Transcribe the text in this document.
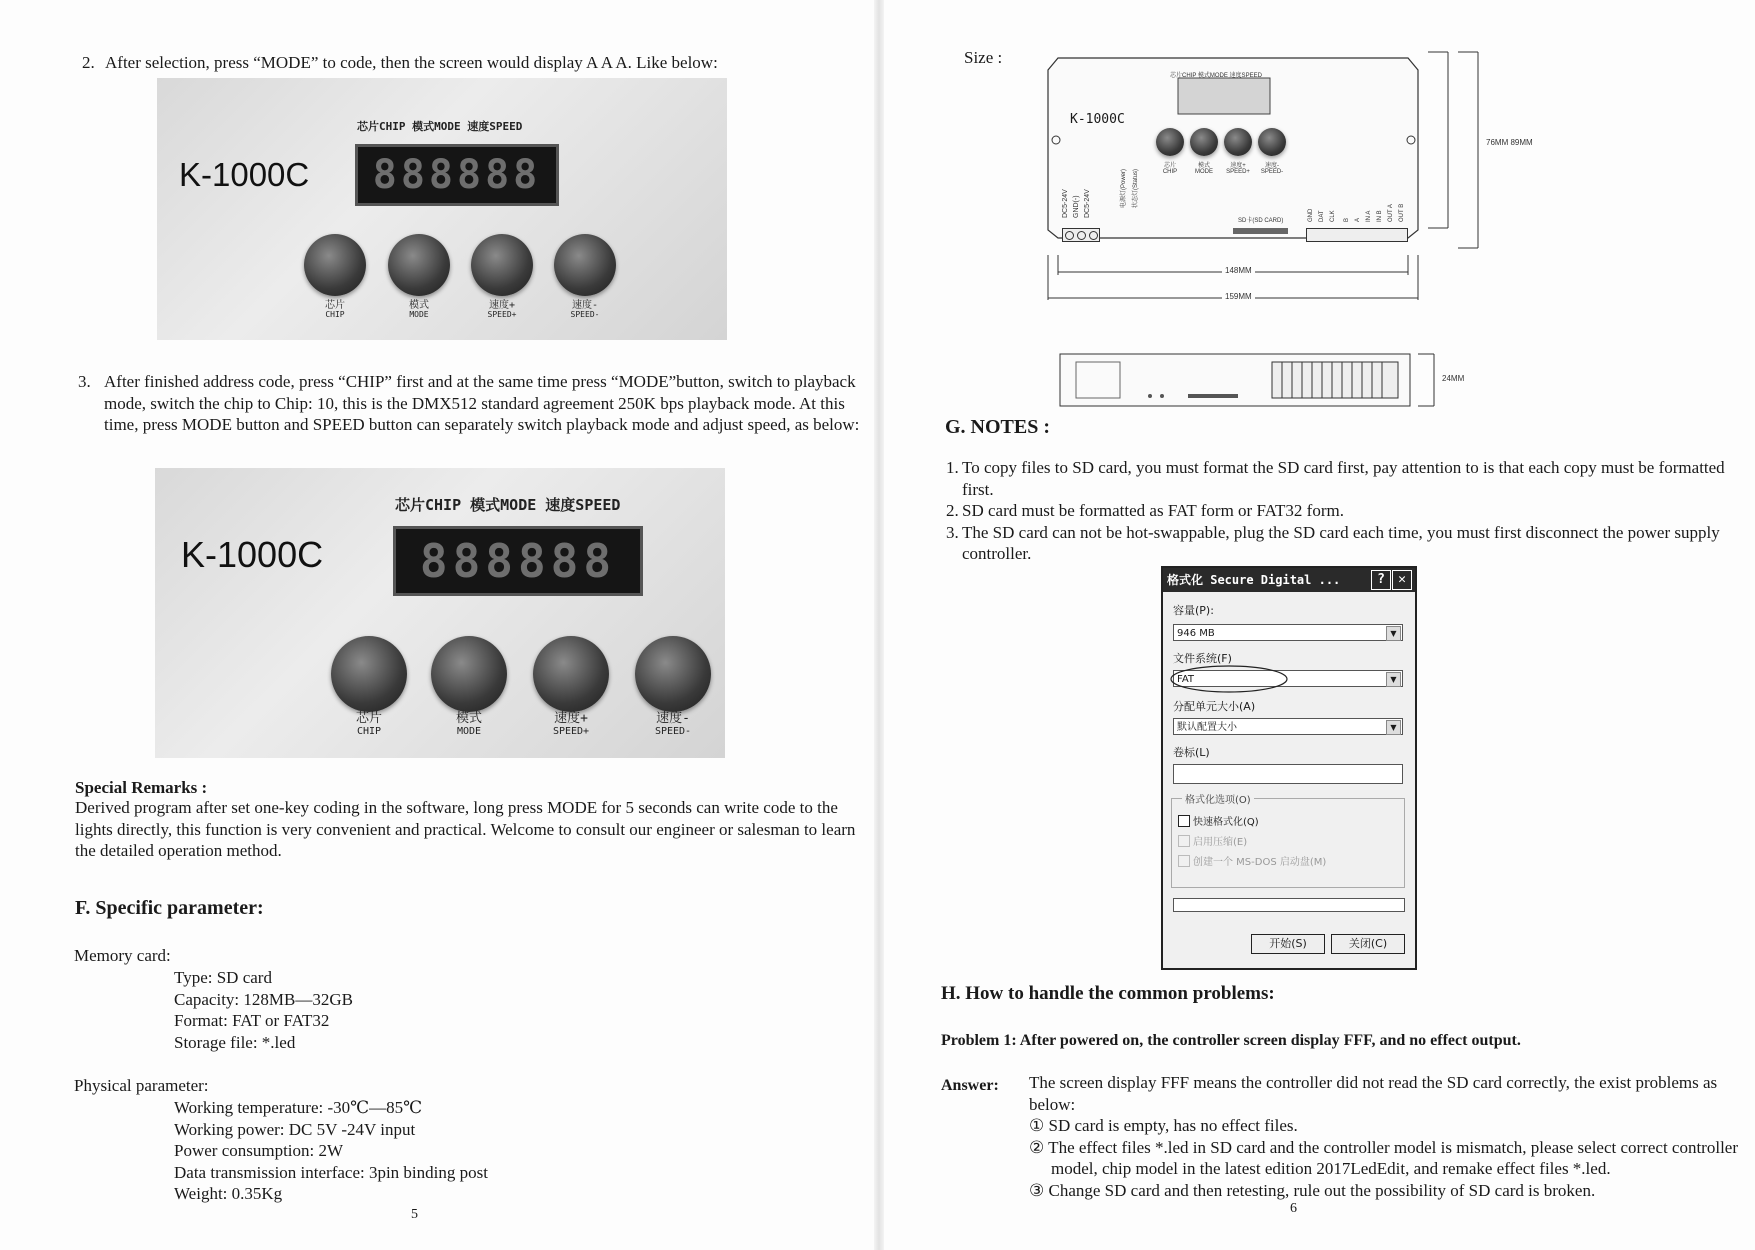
2. After selection, press “MODE” to code, then the screen would display A A A. Like below:
芯片CHIP 模式MODE 速度SPEED
K-1000C 888888
芯片
CHIP
模式
MODE
速度+
SPEED+
速度-
SPEED-
3. After finished address code, press “CHIP” first and at the same time press “MODE”button, switch to playback mode, switch the chip to Chip: 10, this is the DMX512 standard agreement 250K bps playback mode. At this time, press MODE button and SPEED button can separately switch playback mode and adjust speed, as below:
芯片CHIP 模式MODE 速度SPEED
K-1000C 888888
芯片
CHIP
模式
MODE
速度+
SPEED+
速度-
SPEED-
Special Remarks :
Derived program after set one-key coding in the software, long press MODE for 5 seconds can write code to the lights directly, this function is very convenient and practical. Welcome to consult our engineer or salesman to learn the detailed operation method.
F. Specific parameter:
Memory card:
Type: SD card
Capacity: 128MB—32GB
Format: FAT or FAT32
Storage file: *.led
Physical parameter:
Working temperature: -30℃—85℃
Working power: DC 5V -24V input
Power consumption: 2W
Data transmission interface: 3pin binding post
Weight: 0.35Kg
5
Size :
芯片CHIP 模式MODE 速度SPEED
K-1000C
芯片
CHIP
模式
MODE
速度+
SPEED+
速度-
SPEED-
DC5-24V GND(-) DC5-24V	电源灯(Power)	状态灯(Status)
SD卡(SD CARD)	GND DAT CLK B A IN A IN B OUT A OUT B
76MM 89MM
148MM
159MM
24MM
G. NOTES :
1. To copy files to SD card, you must format the SD card first, pay attention to is that each copy must be formatted first.
2. SD card must be formatted as FAT form or FAT32 form.
3. The SD card can not be hot-swappable, plug the SD card each time, you must first disconnect the power supply controller.
格式化 Secure Digital ...	?	✕
容量(P):
946 MB	▼
文件系统(F)
FAT	▼
分配单元大小(A)
默认配置大小	▼
卷标(L)
格式化选项(O)
快速格式化(Q)
启用压缩(E)
创建一个 MS-DOS 启动盘(M)
开始(S)	关闭(C)
H. How to handle the common problems:
Problem 1: After powered on, the controller screen display FFF, and no effect output.
Answer: The screen display FFF means the controller did not read the SD card correctly, the exist problems as below:
① SD card is empty, has no effect files.
② The effect files *.led in SD card and the controller model is mismatch, please select correct controller model, chip model in the latest edition 2017LedEdit, and remake effect files *.led.
③ Change SD card and then retesting, rule out the possibility of SD card is broken.
6
